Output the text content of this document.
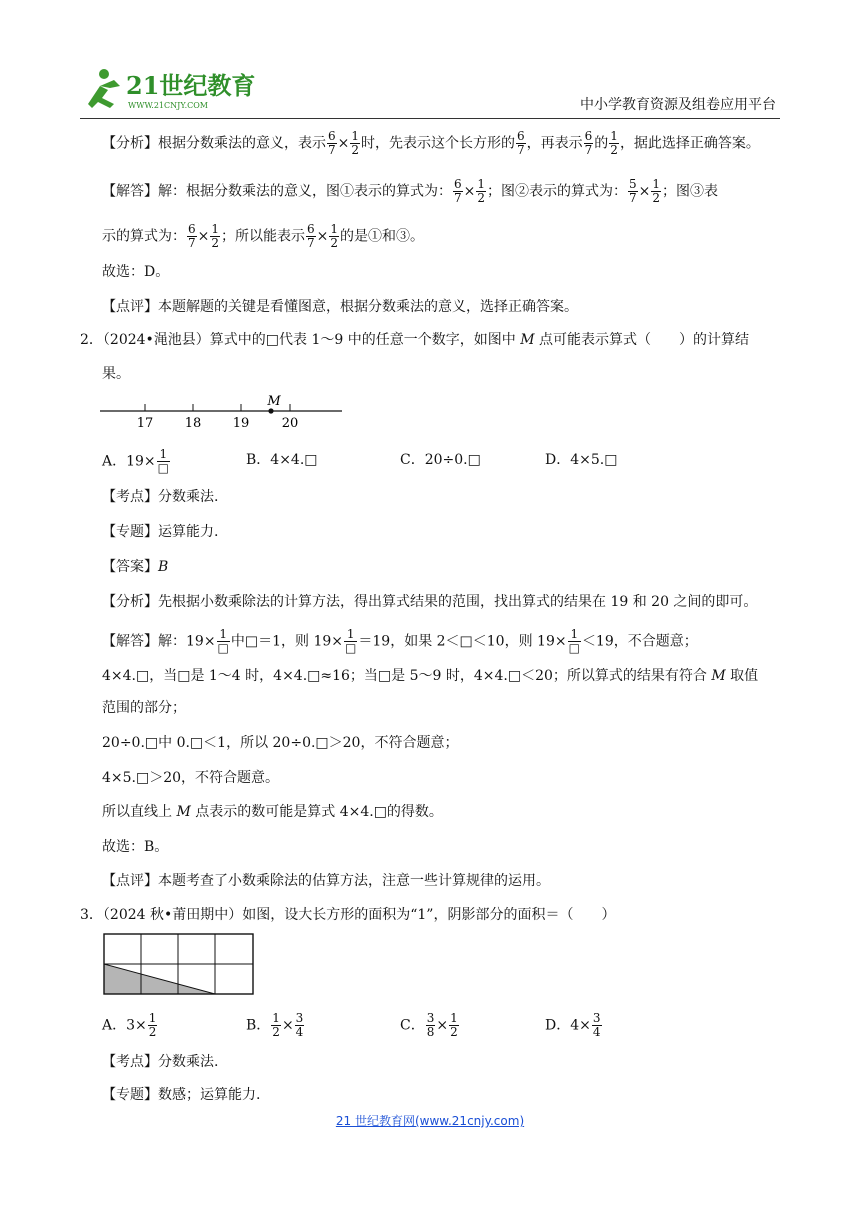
21世纪教育
WWW.21CNJY.COM	中小学教育资源及组卷应用平台
【分析】根据分数乘法的意义，表示 $\frac{6}{7} \times \frac{1}{2}$ 时，先表示这个长方形的 $\frac{6}{7}$ ，再表示 $\frac{6}{7}$ 的 $\frac{1}{2}$ ，据此选择正确答案。
【解答】解：根据分数乘法的意义，图①表示的算式为： $\frac{6}{7} \times \frac{1}{2}$ ；图②表示的算式为： $\frac{5}{7} \times \frac{1}{2}$ ；图③表
示的算式为： $\frac{6}{7} \times \frac{1}{2}$ ；所以能表示 $\frac{6}{7} \times \frac{1}{2}$ 的是①和③。
故选：D。
【点评】本题解题的关键是看懂图意，根据分数乘法的意义，选择正确答案。
2．（2024•渑池县）算式中的□代表 1～9 中的任意一个数字，如图中 M 点可能表示算式（　　）的计算结
果。
17 18 19 20
M
A．$19\times \frac{1}{□}$	B．4×4.□	C．20÷0.□	D．4×5.□
【考点】分数乘法.
【专题】运算能力.
【答案】B
【分析】先根据小数乘除法的计算方法，得出算式结果的范围，找出算式的结果在 19 和 20 之间的即可。
【解答】解：$19\times \frac{1}{□}$ 中□＝1，则 $19\times \frac{1}{□} =19$，如果 2＜□＜10，则 $19\times \frac{1}{□} <19$，不合题意；
4×4.□，当□是 1～4 时，4×4.□≈16；当□是 5～9 时，4×4.□＜20；所以算式的结果有符合 M 取值
范围的部分；
20÷0.□中 0.□＜1，所以 20÷0.□＞20，不符合题意；
4×5.□＞20，不符合题意。
所以直线上 M 点表示的数可能是算式 4×4.□的得数。
故选：B。
【点评】本题考查了小数乘除法的估算方法，注意一些计算规律的运用。
3．（2024 秋•莆田期中）如图，设大长方形的面积为“1”，阴影部分的面积＝（　　）
A．$3\times \frac{1}{2}$	B． $\frac{1}{2} \times \frac{3}{4}$	C． $\frac{3}{8} \times \frac{1}{2}$	D．$4\times \frac{3}{4}$
【考点】分数乘法.
【专题】数感；运算能力.
21 世纪教育网(www.21cnjy.com)
